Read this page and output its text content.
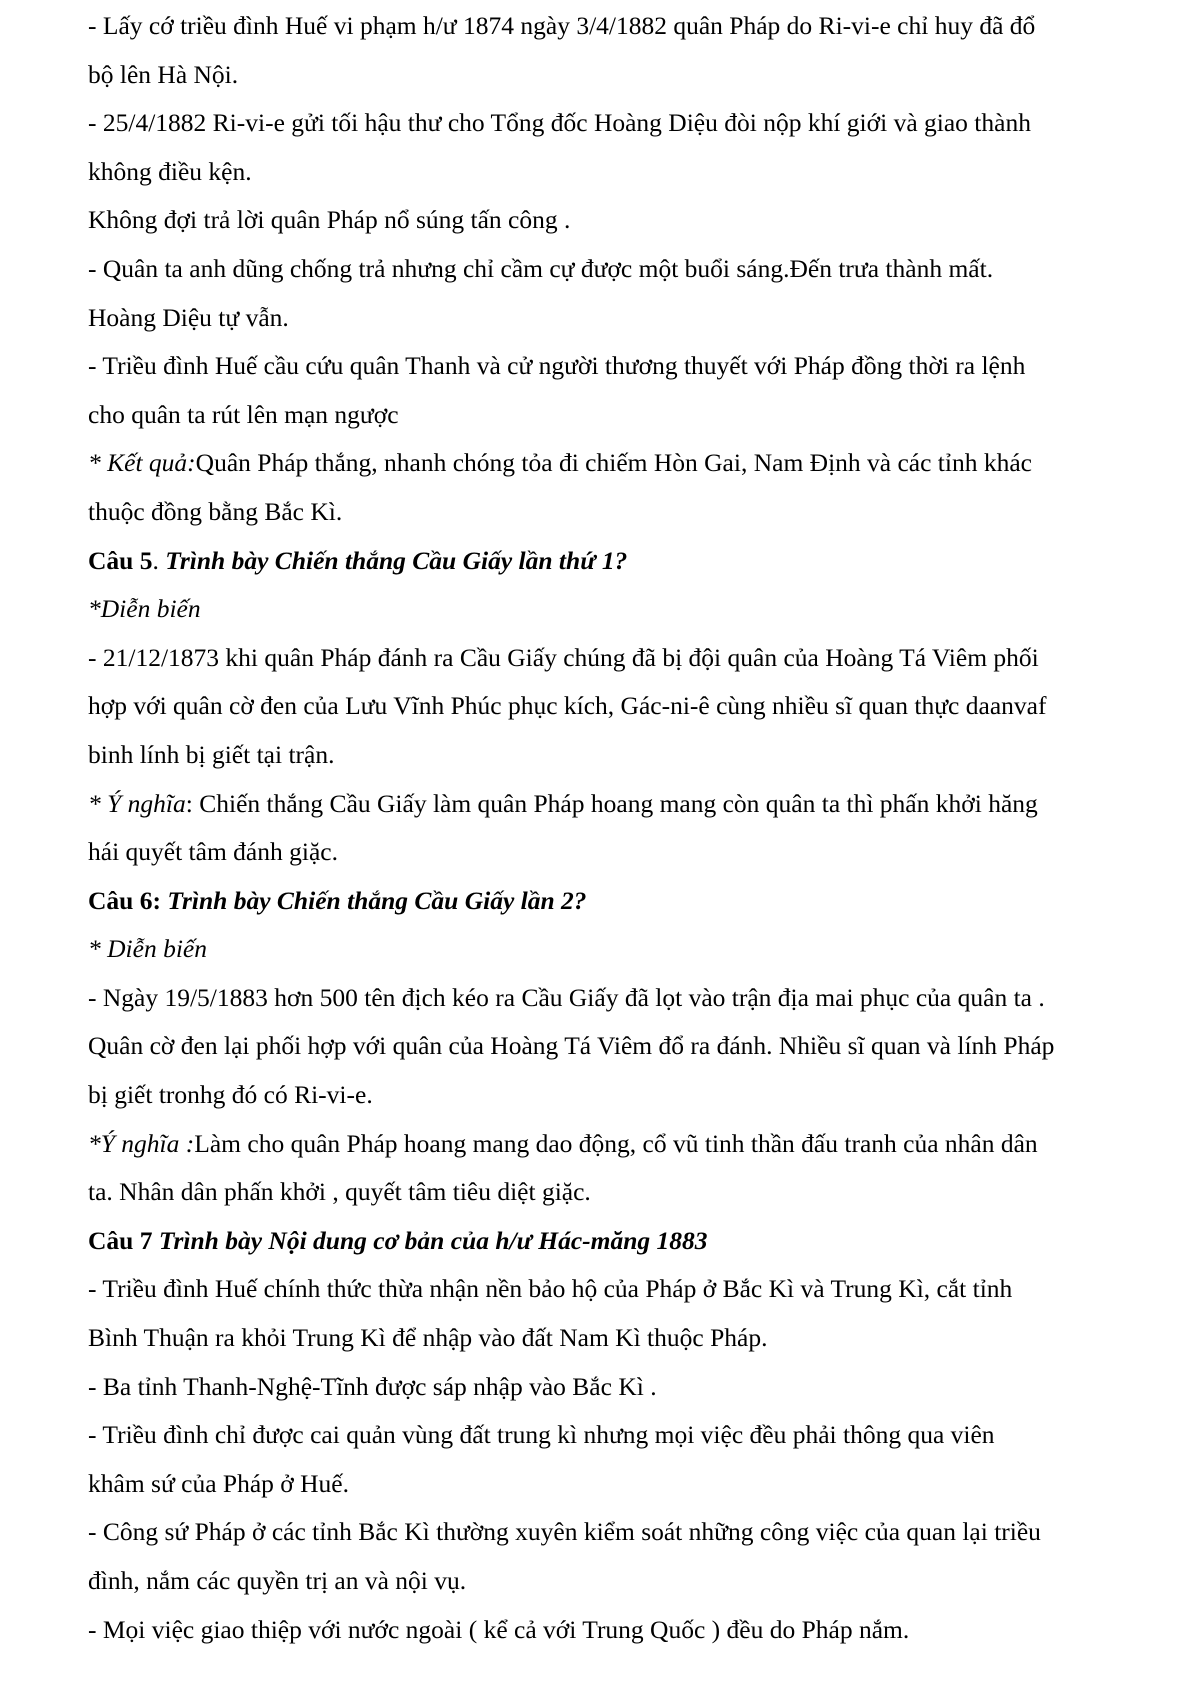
- Lấy cớ triều đình Huế vi phạm h/ư 1874 ngày 3/4/1882 quân Pháp do Ri-vi-e chỉ huy đã đổ

bộ lên Hà Nội.

- 25/4/1882 Ri-vi-e gửi tối hậu thư cho Tổng đốc Hoàng Diệu đòi nộp khí giới và giao thành

không điều kện.

Không đợi trả lời quân Pháp nổ súng tấn công .

- Quân ta anh dũng chống trả nhưng chỉ cầm cự được một buổi sáng.Đến trưa thành mất.

Hoàng Diệu tự vẫn.

- Triều đình Huế cầu cứu quân Thanh và cử người thương thuyết với Pháp đồng thời ra lệnh

cho quân ta rút lên mạn ngược

* Kết quả:Quân Pháp thắng, nhanh chóng tỏa đi chiếm Hòn Gai, Nam Định và các tỉnh khác

thuộc đồng bằng Bắc Kì.

Câu 5. Trình bày Chiến thắng Cầu Giấy lần thứ 1?

*Diễn biến

- 21/12/1873 khi quân Pháp đánh ra Cầu Giấy chúng đã bị đội quân của Hoàng Tá Viêm phối

hợp với quân cờ đen của Lưu Vĩnh Phúc phục kích, Gác-ni-ê cùng nhiều sĩ quan thực daanvaf

binh lính bị giết tại trận.

* Ý nghĩa: Chiến thắng Cầu Giấy làm quân Pháp hoang mang còn quân ta thì phấn khởi hăng

hái quyết tâm đánh giặc.

Câu 6: Trình bày Chiến thắng Cầu Giấy lần 2?

* Diễn biến

- Ngày 19/5/1883 hơn 500 tên địch kéo ra Cầu Giấy đã lọt vào trận địa mai phục của quân ta .

Quân cờ đen lại phối hợp với quân của Hoàng Tá Viêm đổ ra đánh. Nhiều sĩ quan và lính Pháp

bị giết tronhg đó có Ri-vi-e.

*Ý nghĩa :Làm cho quân Pháp hoang mang dao động, cổ vũ tinh thần đấu tranh của nhân dân

ta. Nhân dân phấn khởi , quyết tâm tiêu diệt giặc.

Câu 7 Trình bày Nội dung cơ bản của h/ư Hác-măng 1883

- Triều đình Huế chính thức thừa nhận nền bảo hộ của Pháp ở Bắc Kì và Trung Kì, cắt tỉnh

Bình Thuận ra khỏi Trung Kì để nhập vào đất Nam Kì thuộc Pháp.

- Ba tỉnh Thanh-Nghệ-Tĩnh được sáp nhập vào Bắc Kì .

- Triều đình chỉ được cai quản vùng đất trung kì nhưng mọi việc đều phải thông qua viên

khâm sứ của Pháp ở Huế.

- Công sứ Pháp ở các tỉnh Bắc Kì thường xuyên kiểm soát những công việc của quan lại triều

đình, nắm các quyền trị an và nội vụ.

- Mọi việc giao thiệp với nước ngoài ( kể cả với Trung Quốc ) đều do Pháp nắm.
